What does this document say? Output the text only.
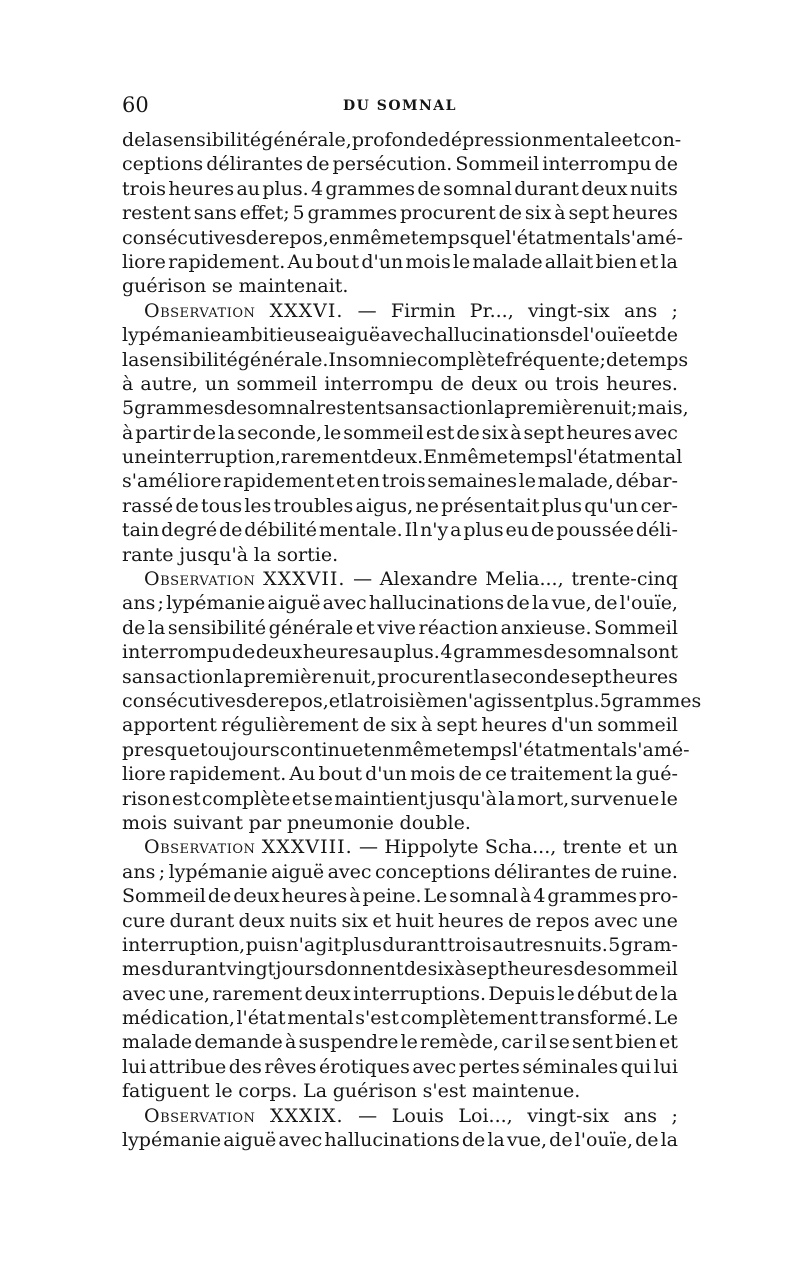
60	DU SOMNAL
de la sensibilité générale, profonde dépression mentale et con-
ceptions délirantes de persécution. Sommeil interrompu de
trois heures au plus. 4 grammes de somnal durant deux nuits
restent sans effet; 5 grammes procurent de six à sept heures
consécutives de repos, en même temps que l'état mental s'amé-
liore rapidement. Au bout d'un mois le malade allait bien et la
guérison se maintenait.
Observation XXXVI. — Firmin Pr..., vingt-six ans ;
lypémanie ambitieuse aiguë avec hallucinations de l'ouïe et de
la sensibilité générale. Insomnie complète fréquente ; de temps
à autre, un sommeil interrompu de deux ou trois heures.
5 grammes de somnal restent sans action la première nuit; mais,
à partir de la seconde, le sommeil est de six à sept heures avec
une interruption, rarement deux. En même temps l'état mental
s'améliore rapidement et en trois semaines le malade, débar-
rassé de tous les troubles aigus, ne présentait plus qu'un cer-
tain degré de débilité mentale. Il n'y a plus eu de poussée déli-
rante jusqu'à la sortie.
Observation XXXVII. — Alexandre Melia..., trente-cinq
ans ; lypémanie aiguë avec hallucinations de la vue, de l'ouïe,
de la sensibilité générale et vive réaction anxieuse. Sommeil
interrompu de deux heures au plus. 4 grammes de somnal sont
sans action la première nuit, procurent la seconde sept heures
consécutives de repos, et la troisième n'agissent plus. 5 grammes
apportent régulièrement de six à sept heures d'un sommeil
presque toujours continu et en même temps l'état mental s'amé-
liore rapidement. Au bout d'un mois de ce traitement la gué-
rison est complète et se maintient jusqu'à la mort, survenue le
mois suivant par pneumonie double.
Observation XXXVIII. — Hippolyte Scha..., trente et un
ans ; lypémanie aiguë avec conceptions délirantes de ruine.
Sommeil de deux heures à peine. Le somnal à 4 grammes pro-
cure durant deux nuits six et huit heures de repos avec une
interruption, puis n'agit plus durant trois autres nuits. 5 gram-
mes durant vingt jours donnent de six à sept heures de sommeil
avec une, rarement deux interruptions. Depuis le début de la
médication, l'état mental s'est complètement transformé. Le
malade demande à suspendre le remède, car il se sent bien et
lui attribue des rêves érotiques avec pertes séminales qui lui
fatiguent le corps. La guérison s'est maintenue.
Observation XXXIX. — Louis Loi..., vingt-six ans ;
lypémanie aiguë avec hallucinations de la vue, de l'ouïe, de la
